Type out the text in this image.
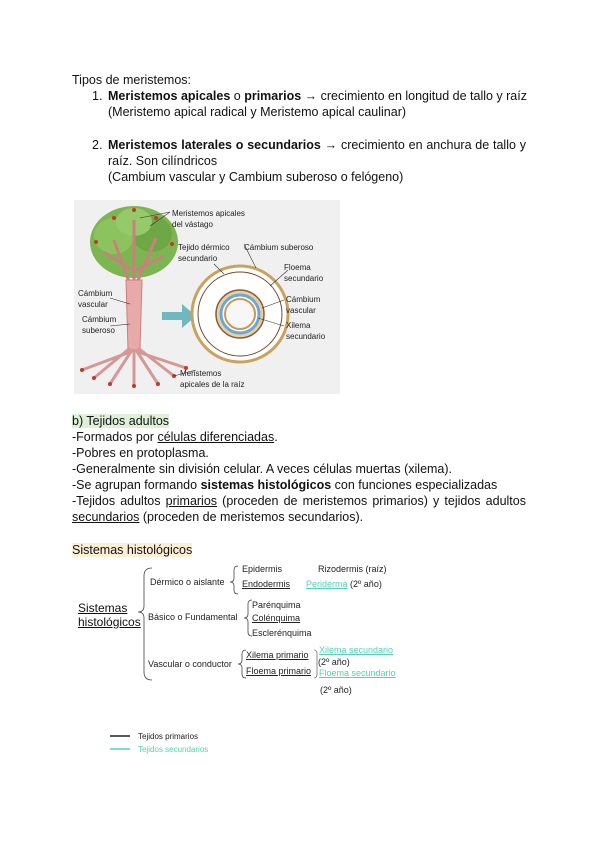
Tipos de meristemos:
1. Meristemos apicales o primarios → crecimiento en longitud de tallo y raíz
(Meristemo apical radical y Meristemo apical caulinar)
2. Meristemos laterales o secundarios → crecimiento en anchura de tallo y
raíz. Son cilíndricos
(Cambium vascular y Cambium suberoso o felógeno)
Meristemos apicales
del vástago
Cámbium
vascular
Cámbium
suberoso
Meristemos
apicales de la raíz
Tejido dérmico
secundario
Cámbium suberoso
Floema
secundario
Cámbium
vascular
Xilema
secundario
b) Tejidos adultos
-Formados por células diferenciadas.
-Pobres en protoplasma.
-Generalmente sin división celular. A veces células muertas (xilema).
-Se agrupan formando sistemas histológicos con funciones especializadas
-Tejidos adultos primarios (proceden de meristemos primarios) y tejidos adultos
secundarios (proceden de meristemos secundarios).
Sistemas histológicos
Sistemas
histológicos
Dérmico o aislante
Epidermis	Rizodermis (raíz)
Endodermis Periderma (2º año)
Básico o Fundamental
Parénquima
Colénquima
Esclerénquima
Vascular o conductor
Xilema primario
Floema primario
Xilema secundario
(2º año)
Floema secundario
(2º año)
Tejidos primarios
Tejidos secundarios
